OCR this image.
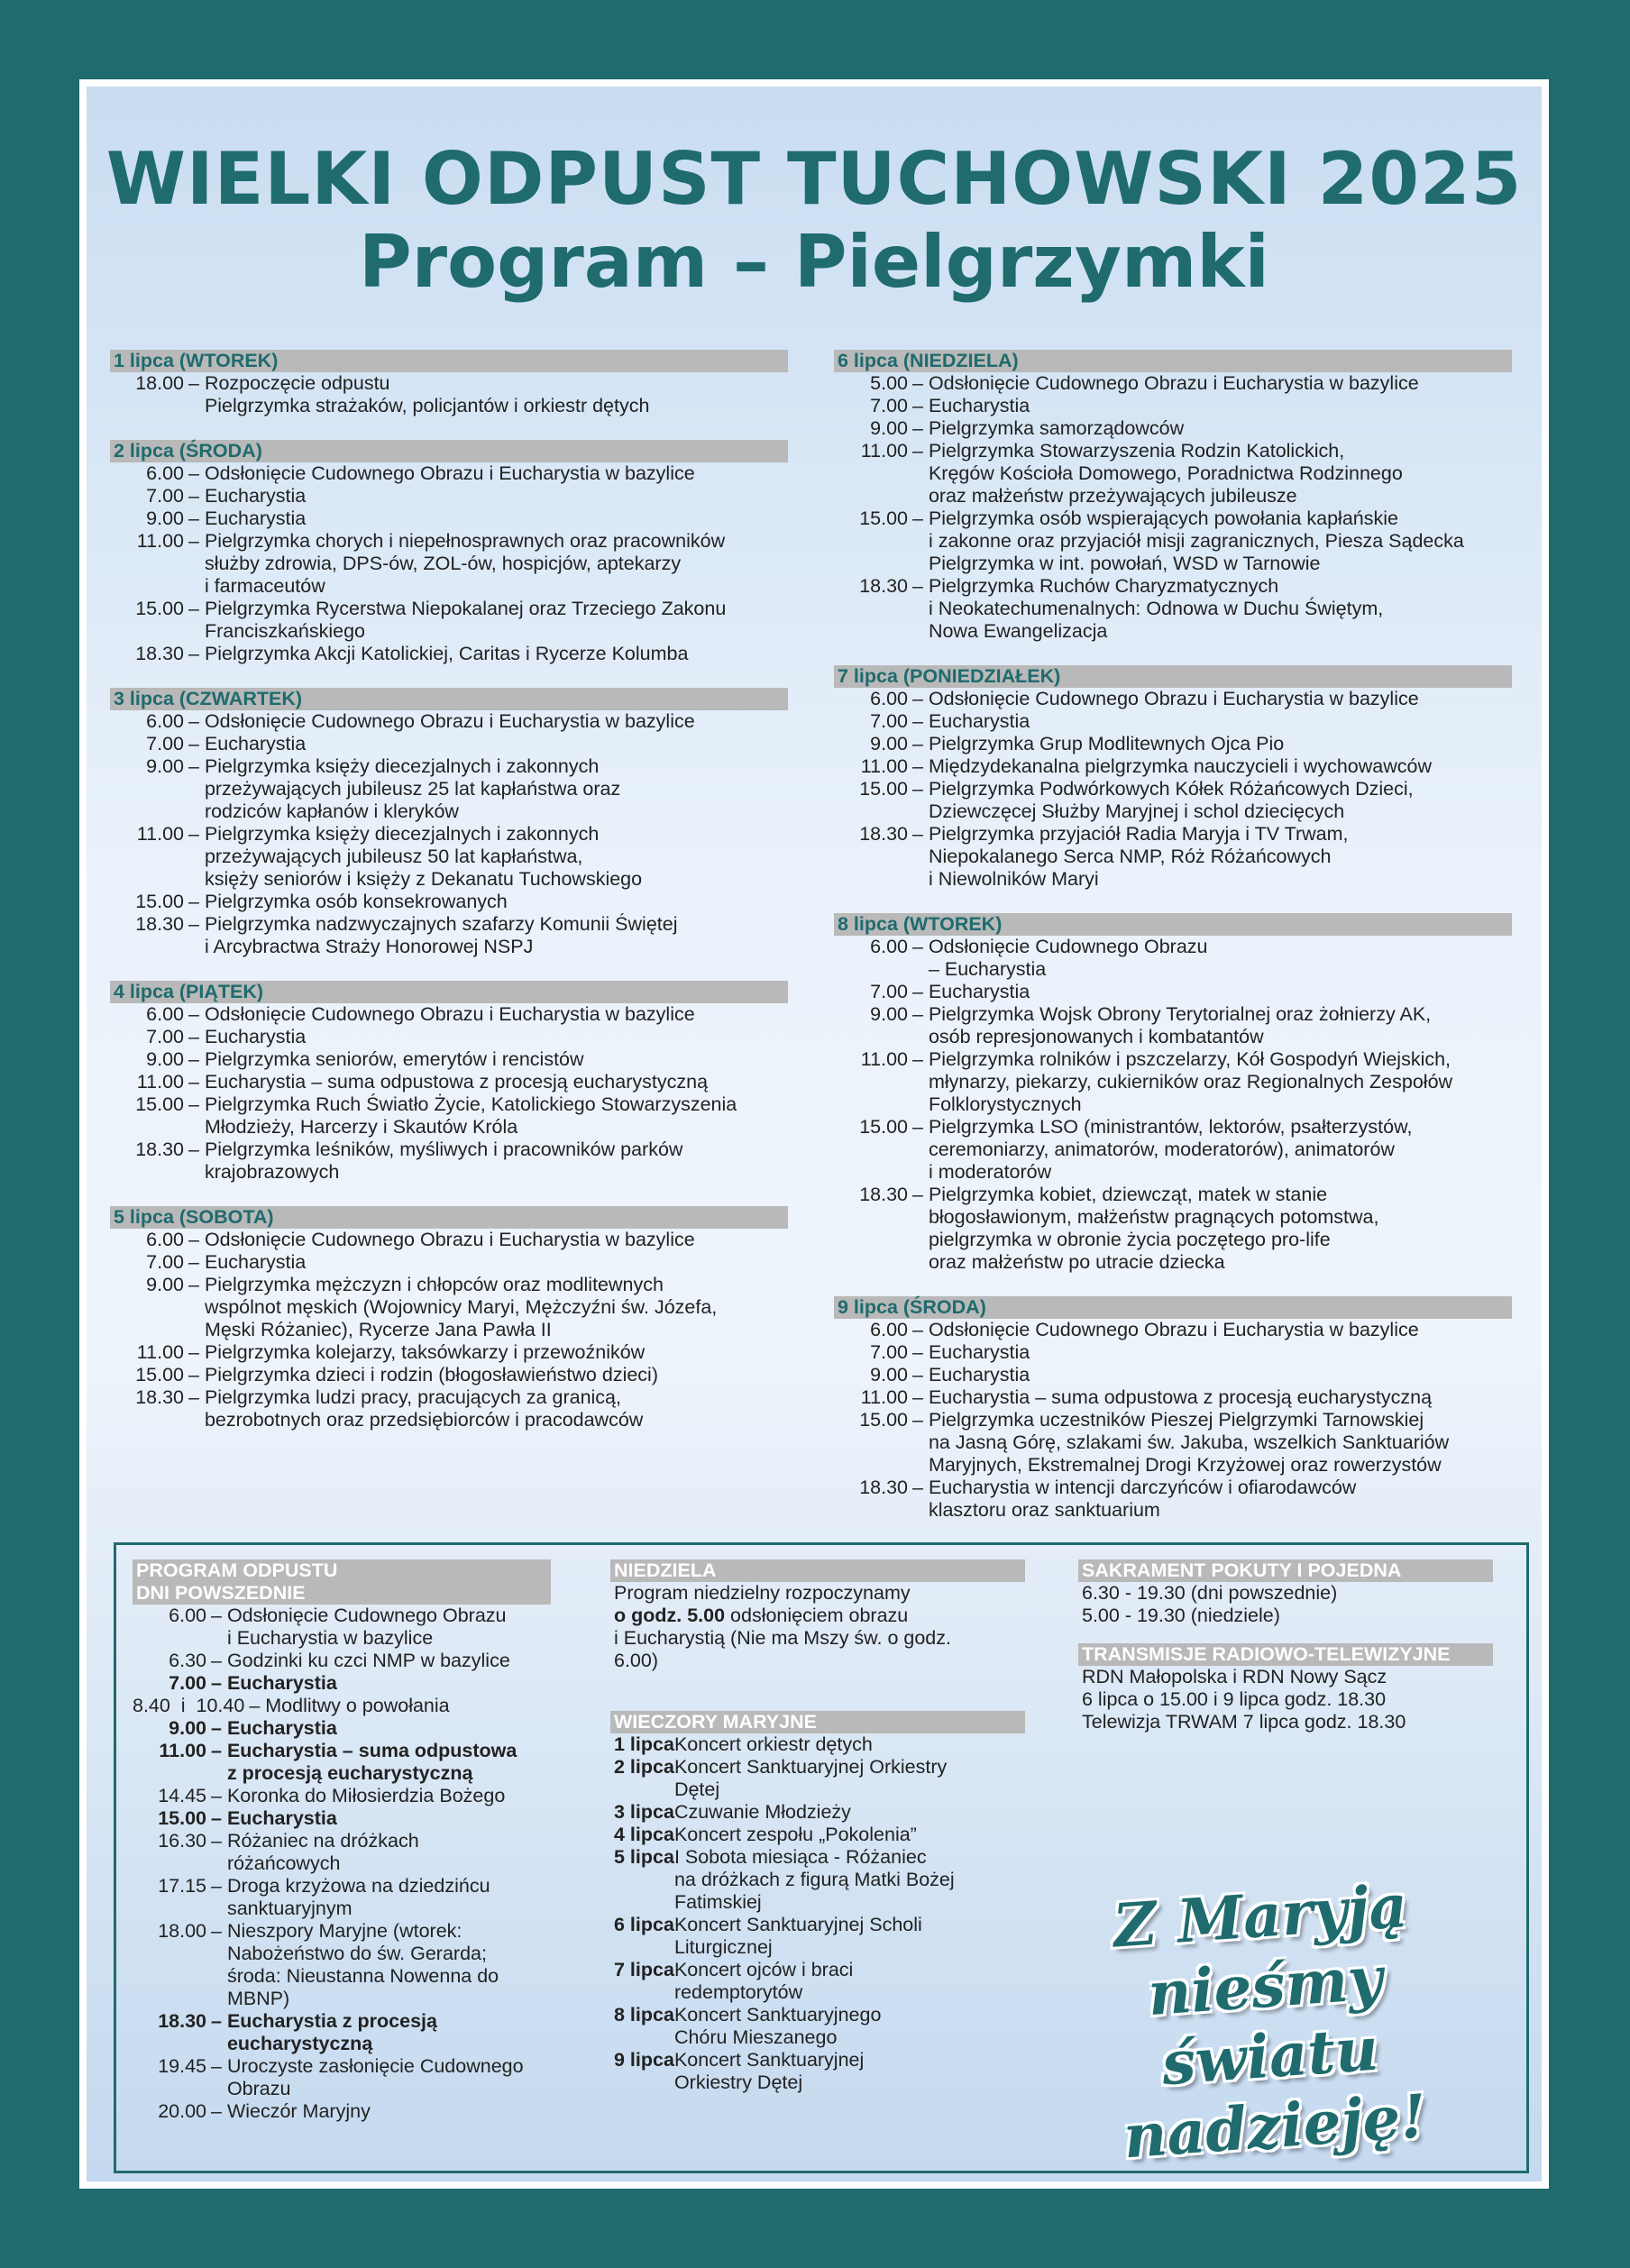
WIELKI ODPUST TUCHOWSKI 2025
Program – Pielgrzymki
1 lipca (WTOREK)
18.00 – Rozpoczęcie odpustu
Pielgrzymka strażaków, policjantów i orkiestr dętych
2 lipca (ŚRODA)
6.00 – Odsłonięcie Cudownego Obrazu i Eucharystia w bazylice
7.00 – Eucharystia
9.00 – Eucharystia
11.00 – Pielgrzymka chorych i niepełnosprawnych oraz pracowników
służby zdrowia, DPS-ów, ZOL-ów, hospicjów, aptekarzy
i farmaceutów
15.00 – Pielgrzymka Rycerstwa Niepokalanej oraz Trzeciego Zakonu
Franciszkańskiego
18.30 – Pielgrzymka Akcji Katolickiej, Caritas i Rycerze Kolumba
3 lipca (CZWARTEK)
6.00 – Odsłonięcie Cudownego Obrazu i Eucharystia w bazylice
7.00 – Eucharystia
9.00 – Pielgrzymka księży diecezjalnych i zakonnych
przeżywających jubileusz 25 lat kapłaństwa oraz
rodziców kapłanów i kleryków
11.00 – Pielgrzymka księży diecezjalnych i zakonnych
przeżywających jubileusz 50 lat kapłaństwa,
księży seniorów i księży z Dekanatu Tuchowskiego
15.00 – Pielgrzymka osób konsekrowanych
18.30 – Pielgrzymka nadzwyczajnych szafarzy Komunii Świętej
i Arcybractwa Straży Honorowej NSPJ
4 lipca (PIĄTEK)
6.00 – Odsłonięcie Cudownego Obrazu i Eucharystia w bazylice
7.00 – Eucharystia
9.00 – Pielgrzymka seniorów, emerytów i rencistów
11.00 – Eucharystia – suma odpustowa z procesją eucharystyczną
15.00 – Pielgrzymka Ruch Światło Życie, Katolickiego Stowarzyszenia
Młodzieży, Harcerzy i Skautów Króla
18.30 – Pielgrzymka leśników, myśliwych i pracowników parków
krajobrazowych
5 lipca (SOBOTA)
6.00 – Odsłonięcie Cudownego Obrazu i Eucharystia w bazylice
7.00 – Eucharystia
9.00 – Pielgrzymka mężczyzn i chłopców oraz modlitewnych
wspólnot męskich (Wojownicy Maryi, Mężczyźni św. Józefa,
Męski Różaniec), Rycerze Jana Pawła II
11.00 – Pielgrzymka kolejarzy, taksówkarzy i przewoźników
15.00 – Pielgrzymka dzieci i rodzin (błogosławieństwo dzieci)
18.30 – Pielgrzymka ludzi pracy, pracujących za granicą,
bezrobotnych oraz przedsiębiorców i pracodawców
6 lipca (NIEDZIELA)
5.00 – Odsłonięcie Cudownego Obrazu i Eucharystia w bazylice
7.00 – Eucharystia
9.00 – Pielgrzymka samorządowców
11.00 – Pielgrzymka Stowarzyszenia Rodzin Katolickich,
Kręgów Kościoła Domowego, Poradnictwa Rodzinnego
oraz małżeństw przeżywających jubileusze
15.00 – Pielgrzymka osób wspierających powołania kapłańskie
i zakonne oraz przyjaciół misji zagranicznych, Piesza Sądecka
Pielgrzymka w int. powołań, WSD w Tarnowie
18.30 – Pielgrzymka Ruchów Charyzmatycznych
i Neokatechumenalnych: Odnowa w Duchu Świętym,
Nowa Ewangelizacja
7 lipca (PONIEDZIAŁEK)
6.00 – Odsłonięcie Cudownego Obrazu i Eucharystia w bazylice
7.00 – Eucharystia
9.00 – Pielgrzymka Grup Modlitewnych Ojca Pio
11.00 – Międzydekanalna pielgrzymka nauczycieli i wychowawców
15.00 – Pielgrzymka Podwórkowych Kółek Różańcowych Dzieci,
Dziewczęcej Służby Maryjnej i schol dziecięcych
18.30 – Pielgrzymka przyjaciół Radia Maryja i TV Trwam,
Niepokalanego Serca NMP, Róż Różańcowych
i Niewolników Maryi
8 lipca (WTOREK)
6.00 – Odsłonięcie Cudownego Obrazu
– Eucharystia
7.00 – Eucharystia
9.00 – Pielgrzymka Wojsk Obrony Terytorialnej oraz żołnierzy AK,
osób represjonowanych i kombatantów
11.00 – Pielgrzymka rolników i pszczelarzy, Kół Gospodyń Wiejskich,
młynarzy, piekarzy, cukierników oraz Regionalnych Zespołów
Folklorystycznych
15.00 – Pielgrzymka LSO (ministrantów, lektorów, psałterzystów,
ceremoniarzy, animatorów, moderatorów), animatorów
i moderatorów
18.30 – Pielgrzymka kobiet, dziewcząt, matek w stanie
błogosławionym, małżeństw pragnących potomstwa,
pielgrzymka w obronie życia poczętego pro-life
oraz małżeństw po utracie dziecka
9 lipca (ŚRODA)
6.00 – Odsłonięcie Cudownego Obrazu i Eucharystia w bazylice
7.00 – Eucharystia
9.00 – Eucharystia
11.00 – Eucharystia – suma odpustowa z procesją eucharystyczną
15.00 – Pielgrzymka uczestników Pieszej Pielgrzymki Tarnowskiej
na Jasną Górę, szlakami św. Jakuba, wszelkich Sanktuariów
Maryjnych, Ekstremalnej Drogi Krzyżowej oraz rowerzystów
18.30 – Eucharystia w intencji darczyńców i ofiarodawców
klasztoru oraz sanktuarium
PROGRAM ODPUSTU
DNI POWSZEDNIE
6.00 – Odsłonięcie Cudownego Obrazu
i Eucharystia w bazylice
6.30 – Godzinki ku czci NMP w bazylice
7.00 – Eucharystia
8.40  i  10.40 – Modlitwy o powołania
9.00 – Eucharystia
11.00 – Eucharystia – suma odpustowa
z procesją eucharystyczną
14.45 – Koronka do Miłosierdzia Bożego
15.00 – Eucharystia
16.30 – Różaniec na dróżkach
różańcowych
17.15 – Droga krzyżowa na dziedzińcu
sanktuaryjnym
18.00 – Nieszpory Maryjne (wtorek:
Nabożeństwo do św. Gerarda;
środa: Nieustanna Nowenna do
MBNP)
18.30 – Eucharystia z procesją
eucharystyczną
19.45 – Uroczyste zasłonięcie Cudownego
Obrazu
20.00 – Wieczór Maryjny
NIEDZIELA
Program niedzielny rozpoczynamy
o godz. 5.00 odsłonięciem obrazu
i Eucharystią (Nie ma Mszy św. o godz.
6.00)
WIECZORY MARYJNE
1 lipca Koncert orkiestr dętych
2 lipca Koncert Sanktuaryjnej Orkiestry
Dętej
3 lipca Czuwanie Młodzieży
4 lipca Koncert zespołu „Pokolenia”
5 lipca I Sobota miesiąca - Różaniec
na dróżkach z figurą Matki Bożej
Fatimskiej
6 lipca Koncert Sanktuaryjnej Scholi
Liturgicznej
7 lipca Koncert ojców i braci
redemptorytów
8 lipca Koncert Sanktuaryjnego
Chóru Mieszanego
9 lipca Koncert Sanktuaryjnej
Orkiestry Dętej
SAKRAMENT POKUTY I POJEDNA
6.30 - 19.30 (dni powszednie)
5.00 - 19.30 (niedziele)
TRANSMISJE RADIOWO-TELEWIZYJNE
RDN Małopolska i RDN Nowy Sącz
6 lipca o 15.00 i 9 lipca godz. 18.30
Telewizja TRWAM 7 lipca godz. 18.30
Z Maryją
nieśmy
światu
nadzieję!
